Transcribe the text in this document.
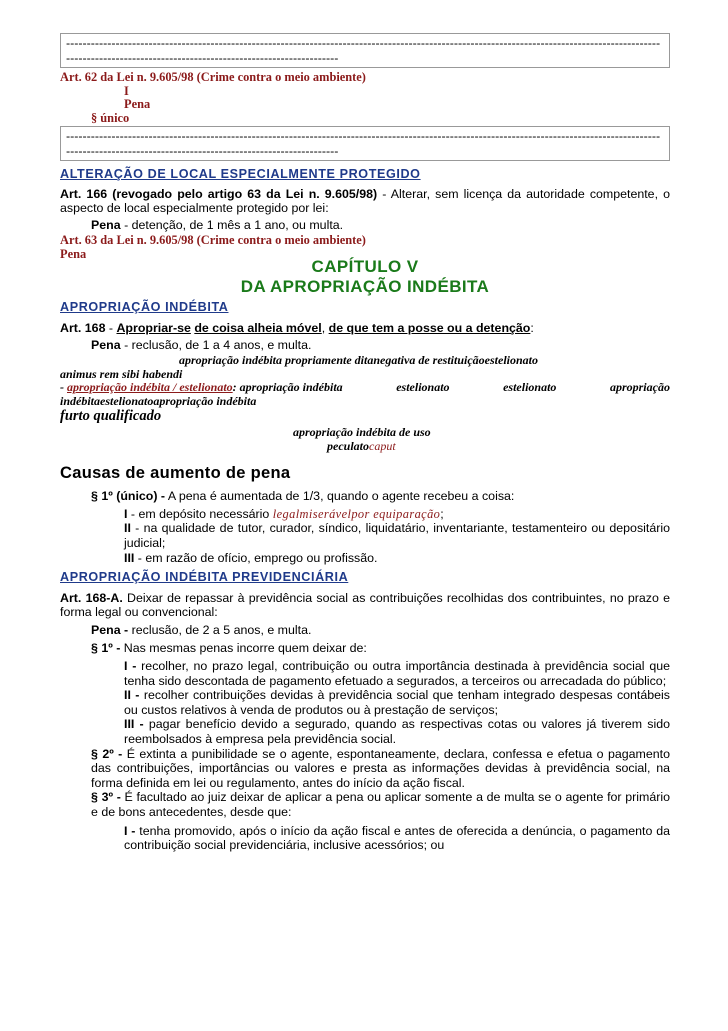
------------------------------------------------------------------------------------------------------------------------------------------------------------------------------------------------------------------

Art. 62 da Lei n. 9.605/98 (Crime contra o meio ambiente)

I

Pena

§ único

------------------------------------------------------------------------------------------------------------------------------------------------------------------------------------------------------------------

ALTERAÇÃO DE LOCAL ESPECIALMENTE PROTEGIDO

Art. 166 (revogado pelo artigo 63 da Lei n. 9.605/98) - Alterar, sem licença da autoridade competente, o aspecto de local especialmente protegido por lei:

Pena - detenção, de 1 mês a 1 ano, ou multa.

Art. 63 da Lei n. 9.605/98 (Crime contra o meio ambiente)

Pena

CAPÍTULO V

DA APROPRIAÇÃO INDÉBITA

APROPRIAÇÃO INDÉBITA

Art. 168 - Apropriar-se de coisa alheia móvel, de que tem a posse ou a detenção:

Pena - reclusão, de 1 a 4 anos, e multa.

apropriação indébita propriamente ditanegativa de restituiçãoestelionato

animus rem sibi habendi

- apropriação indébita / estelionato: apropriação indébita	estelionato	estelionato	apropriação

indébitaestelionatoapropriação indébita

furto qualificado

apropriação indébita de uso

peculatocaput

Causas de aumento de pena

§ 1º (único) - A pena é aumentada de 1/3, quando o agente recebeu a coisa:

I - em depósito necessário legalmiserávelpor equiparação;

II - na qualidade de tutor, curador, síndico, liquidatário, inventariante, testamenteiro ou depositário judicial;

III - em razão de ofício, emprego ou profissão.

APROPRIAÇÃO INDÉBITA PREVIDENCIÁRIA

Art. 168-A. Deixar de repassar à previdência social as contribuições recolhidas dos contribuintes, no prazo e forma legal ou convencional:

Pena - reclusão, de 2 a 5 anos, e multa.

§ 1º - Nas mesmas penas incorre quem deixar de:

I - recolher, no prazo legal, contribuição ou outra importância destinada à previdência social que tenha sido descontada de pagamento efetuado a segurados, a terceiros ou arrecadada do público;

II - recolher contribuições devidas à previdência social que tenham integrado despesas contábeis ou custos relativos à venda de produtos ou à prestação de serviços;

III - pagar benefício devido a segurado, quando as respectivas cotas ou valores já tiverem sido reembolsados à empresa pela previdência social.

§ 2º - É extinta a punibilidade se o agente, espontaneamente, declara, confessa e efetua o pagamento das contribuições, importâncias ou valores e presta as informações devidas à previdência social, na forma definida em lei ou regulamento, antes do início da ação fiscal.

§ 3º - É facultado ao juiz deixar de aplicar a pena ou aplicar somente a de multa se o agente for primário e de bons antecedentes, desde que:

I - tenha promovido, após o início da ação fiscal e antes de oferecida a denúncia, o pagamento da contribuição social previdenciária, inclusive acessórios; ou
